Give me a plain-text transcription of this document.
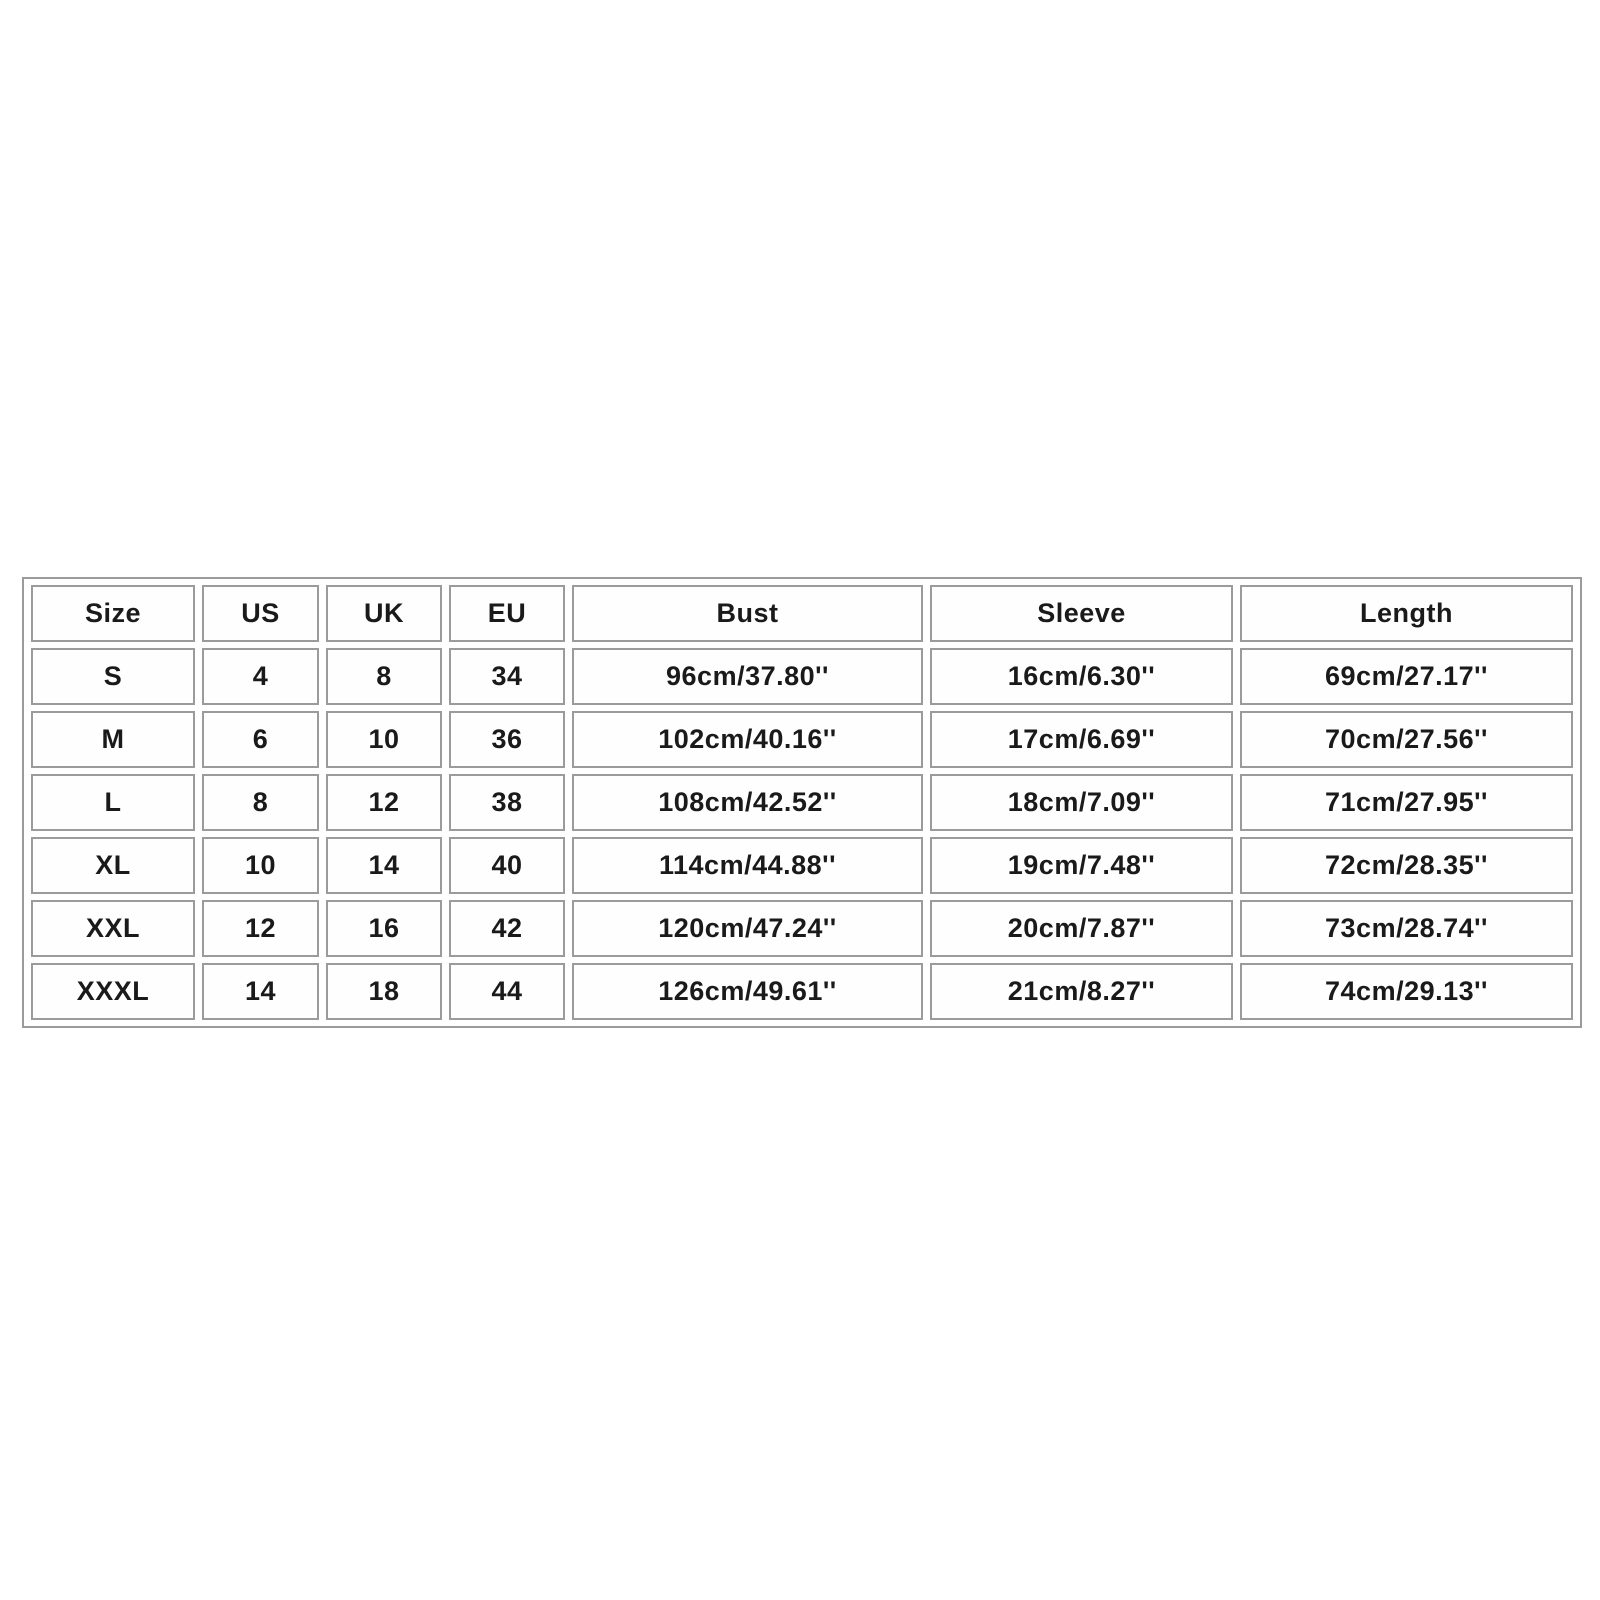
Size	US	UK	EU	Bust	Sleeve	Length
S	4	8	34	96cm/37.80''	16cm/6.30''	69cm/27.17''
M	6	10	36	102cm/40.16''	17cm/6.69''	70cm/27.56''
L	8	12	38	108cm/42.52''	18cm/7.09''	71cm/27.95''
XL	10	14	40	114cm/44.88''	19cm/7.48''	72cm/28.35''
XXL	12	16	42	120cm/47.24''	20cm/7.87''	73cm/28.74''
XXXL	14	18	44	126cm/49.61''	21cm/8.27''	74cm/29.13''
